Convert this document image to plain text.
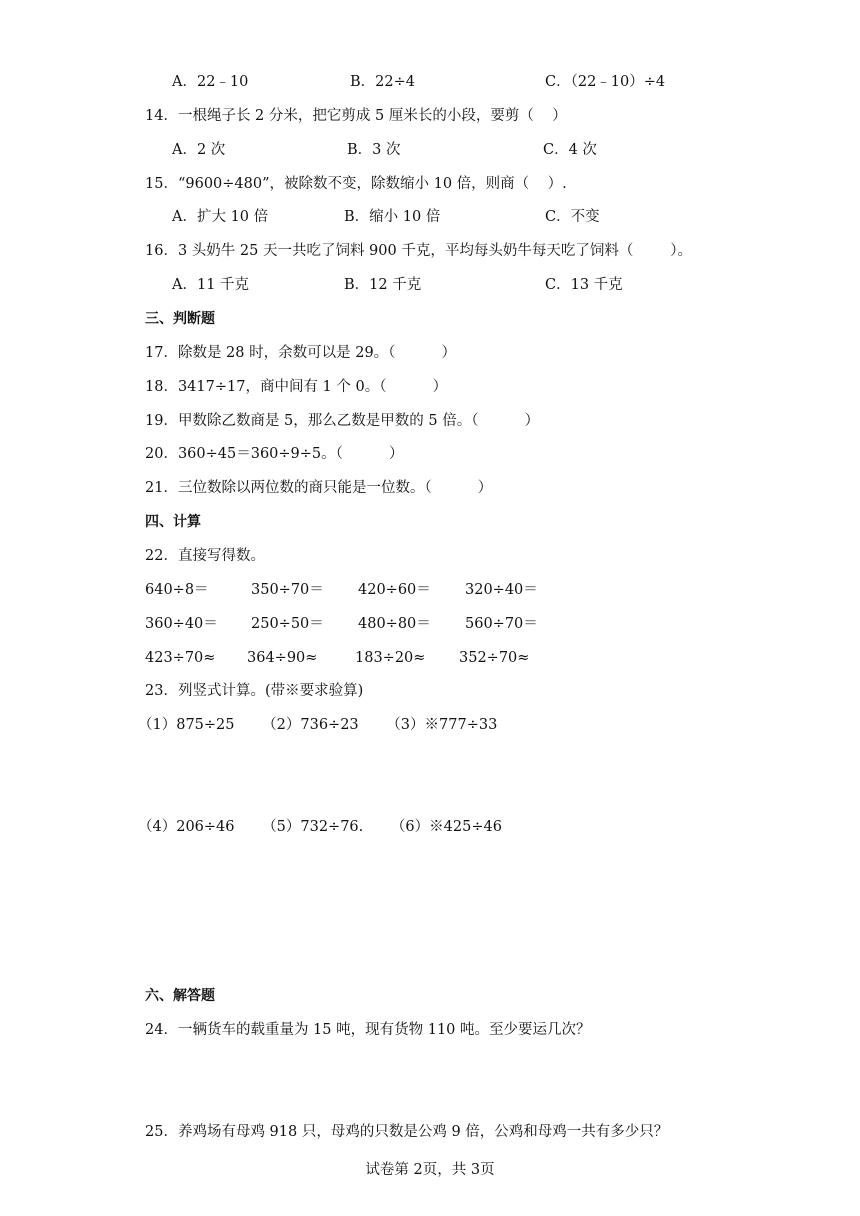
A．22﹣10	B．22÷4	C．（22﹣10）÷4
14．一根绳子长 2 分米，把它剪成 5 厘米长的小段，要剪（    ）
A．2 次	B．3 次	C．4 次
15．“9600÷480”，被除数不变，除数缩小 10 倍，则商（    ）.
A．扩大 10 倍	B．缩小 10 倍	C．不变
16．3 头奶牛 25 天一共吃了饲料 900 千克，平均每头奶牛每天吃了饲料（        ）。
A．11 千克	B．12 千克	C．13 千克
三、判断题
17．除数是 28 时，余数可以是 29。（          ）
18．3417÷17，商中间有 1 个 0。（          ）
19．甲数除乙数商是 5，那么乙数是甲数的 5 倍。（          ）
20．360÷45＝360÷9÷5。（          ）
21．三位数除以两位数的商只能是一位数。（          ）
四、计算
22．直接写得数。
640÷8＝	350÷70＝ 420÷60＝ 320÷40＝
360÷40＝ 250÷50＝ 480÷80＝ 560÷70＝
423÷70≈ 364÷90≈	183÷20≈ 352÷70≈
23．列竖式计算。(带※要求验算)
（1）875÷25      （2）736÷23      （3）※777÷33
（4）206÷46      （5）732÷76.      （6）※425÷46
六、解答题
24．一辆货车的载重量为 15 吨，现有货物 110 吨。至少要运几次？
25．养鸡场有母鸡 918 只，母鸡的只数是公鸡 9 倍，公鸡和母鸡一共有多少只？
试卷第 2页，共 3页
